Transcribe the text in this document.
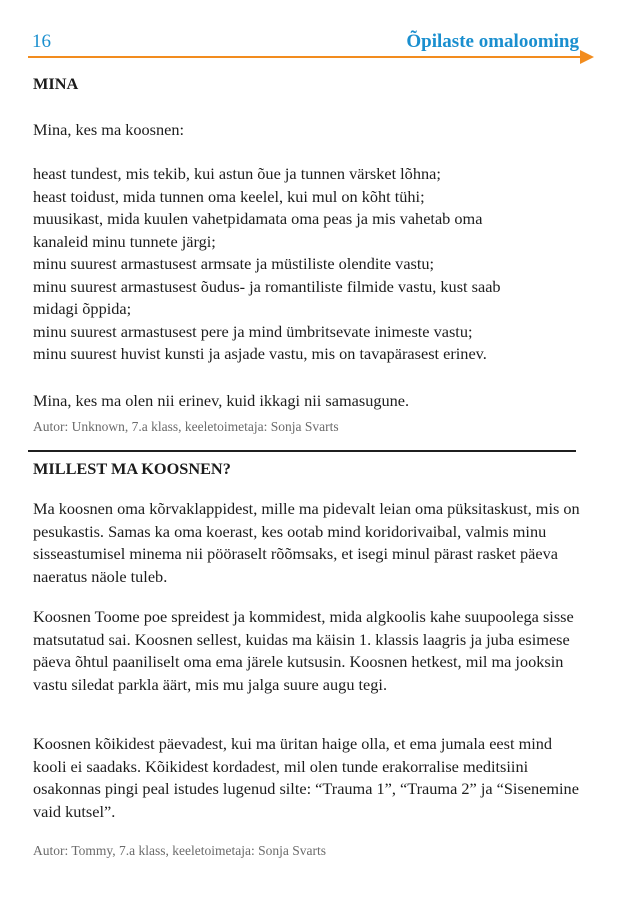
16	Õpilaste omalooming
MINA
Mina, kes ma koosnen:
heast tundest, mis tekib, kui astun õue ja tunnen värsket lõhna;
heast toidust, mida tunnen oma keelel, kui mul on kõht tühi;
muusikast, mida kuulen vahetpidamata oma peas ja mis vahetab oma
kanaleid minu tunnete järgi;
minu suurest armastusest armsate ja müstiliste olendite vastu;
minu suurest armastusest õudus- ja romantiliste filmide vastu, kust saab
midagi õppida;
minu suurest armastusest pere ja mind ümbritsevate inimeste vastu;
minu suurest huvist kunsti ja asjade vastu, mis on tavapärasest erinev.
Mina, kes ma olen nii erinev, kuid ikkagi nii samasugune.
Autor: Unknown, 7.a klass, keeletoimetaja: Sonja Svarts
MILLEST MA KOOSNEN?
Ma koosnen oma kõrvaklappidest, mille ma pidevalt leian oma püksitaskust, mis on pesukastis. Samas ka oma koerast, kes ootab mind koridorivaibal, valmis minu sisseastumisel minema nii pööraselt rõõmsaks, et isegi minul pärast rasket päeva naeratus näole tuleb.
Koosnen Toome poe spreidest ja kommidest, mida algkoolis kahe suupoolega sisse matsutatud sai. Koosnen sellest, kuidas ma käisin 1. klassis laagris ja juba esimese päeva õhtul paaniliselt oma ema järele kutsusin. Koosnen hetkest, mil ma jooksin vastu siledat parkla äärt, mis mu jalga suure augu tegi.
Koosnen kõikidest päevadest, kui ma üritan haige olla, et ema jumala eest mind kooli ei saadaks. Kõikidest kordadest, mil olen tunde erakorralise meditsiini osakonnas pingi peal istudes lugenud silte: “Trauma 1”, “Trauma 2” ja “Sisenemine vaid kutsel”.
Autor: Tommy, 7.a klass, keeletoimetaja: Sonja Svarts
